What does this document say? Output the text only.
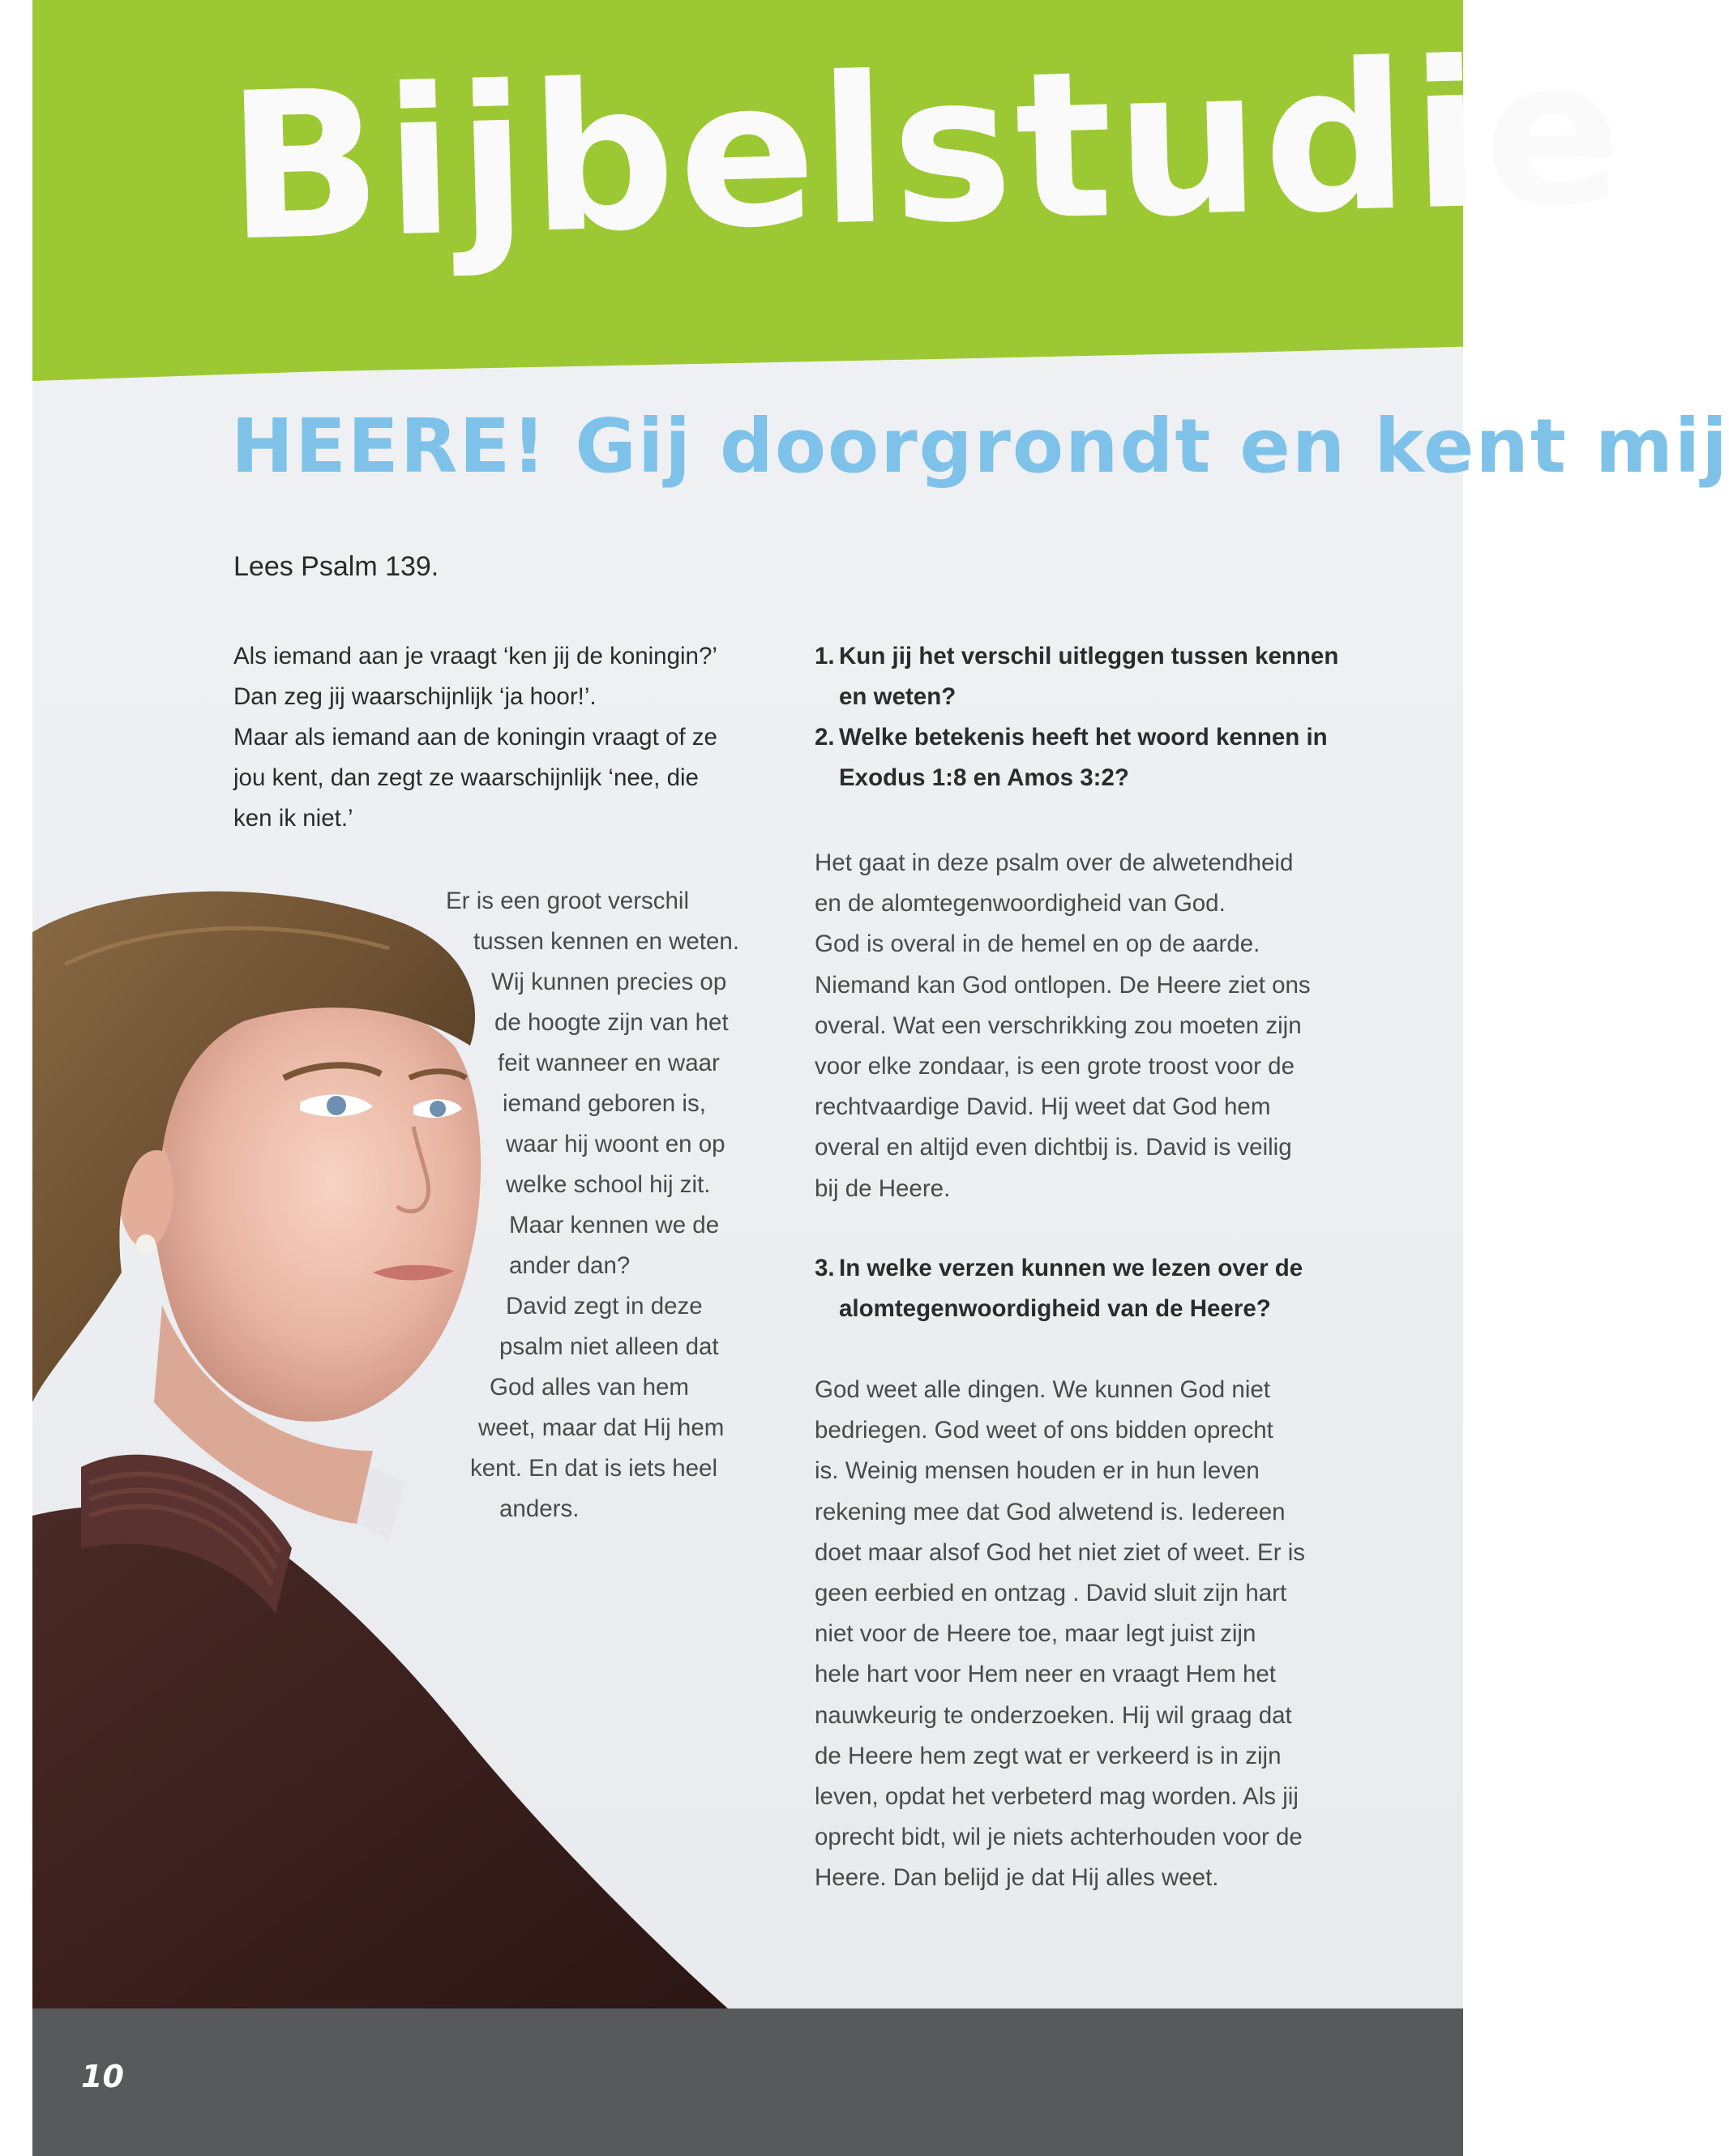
Bijbelstudie
HEERE! Gij doorgrondt en kent mij
Lees Psalm 139.
Als iemand aan je vraagt ‘ken jij de koningin?’
Dan zeg jij waarschijnlijk ‘ja hoor!’.
Maar als iemand aan de koningin vraagt of ze
jou kent, dan zegt ze waarschijnlijk ‘nee, die
ken ik niet.’
Er is een groot verschil
tussen kennen en weten.
Wij kunnen precies op
de hoogte zijn van het
feit wanneer en waar
iemand geboren is,
waar hij woont en op
welke school hij zit.
Maar kennen we de
ander dan?
David zegt in deze
psalm niet alleen dat
God alles van hem
weet, maar dat Hij hem
kent. En dat is iets heel
anders.
1. Kun jij het verschil uitleggen tussen kennen
en weten?
2. Welke betekenis heeft het woord kennen in
Exodus 1:8 en Amos 3:2?
Het gaat in deze psalm over de alwetendheid
en de alomtegenwoordigheid van God.
God is overal in de hemel en op de aarde.
Niemand kan God ontlopen. De Heere ziet ons
overal. Wat een verschrikking zou moeten zijn
voor elke zondaar, is een grote troost voor de
rechtvaardige David. Hij weet dat God hem
overal en altijd even dichtbij is. David is veilig
bij de Heere.
3. In welke verzen kunnen we lezen over de
alomtegenwoordigheid van de Heere?
God weet alle dingen. We kunnen God niet
bedriegen. God weet of ons bidden oprecht
is. Weinig mensen houden er in hun leven
rekening mee dat God alwetend is. Iedereen
doet maar alsof God het niet ziet of weet. Er is
geen eerbied en ontzag . David sluit zijn hart
niet voor de Heere toe, maar legt juist zijn
hele hart voor Hem neer en vraagt Hem het
nauwkeurig te onderzoeken. Hij wil graag dat
de Heere hem zegt wat er verkeerd is in zijn
leven, opdat het verbeterd mag worden. Als jij
oprecht bidt, wil je niets achterhouden voor de
Heere. Dan belijd je dat Hij alles weet.
10
